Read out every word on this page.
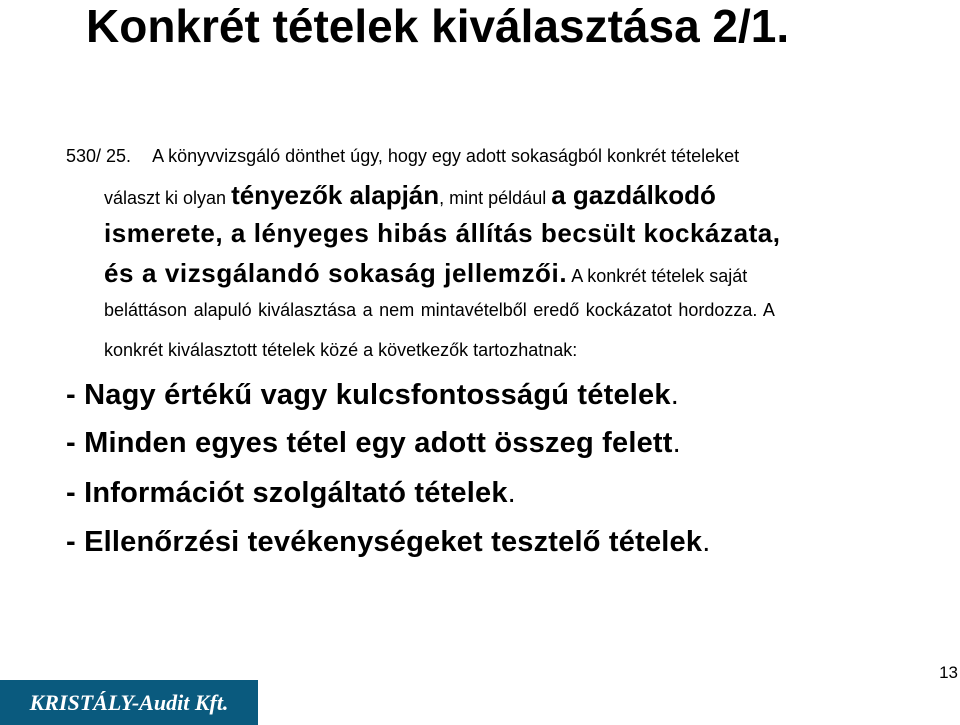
Konkrét tételek kiválasztása 2/1.
530/ 25. A könyvvizsgáló dönthet úgy, hogy egy adott sokaságból konkrét tételeket
választ ki olyan tényezők alapján, mint például a gazdálkodó
ismerete, a lényeges hibás állítás becsült kockázata,
és a vizsgálandó sokaság jellemzői. A konkrét tételek saját
beláttáson alapuló kiválasztása a nem mintavételből eredő kockázatot hordozza. A
konkrét kiválasztott tételek közé a következők tartozhatnak:
- Nagy értékű vagy kulcsfontosságú tételek.
- Minden egyes tétel egy adott összeg felett.
- Információt szolgáltató tételek.
- Ellenőrzési tevékenységeket tesztelő tételek.
13
KRISTÁLY-Audit Kft.
